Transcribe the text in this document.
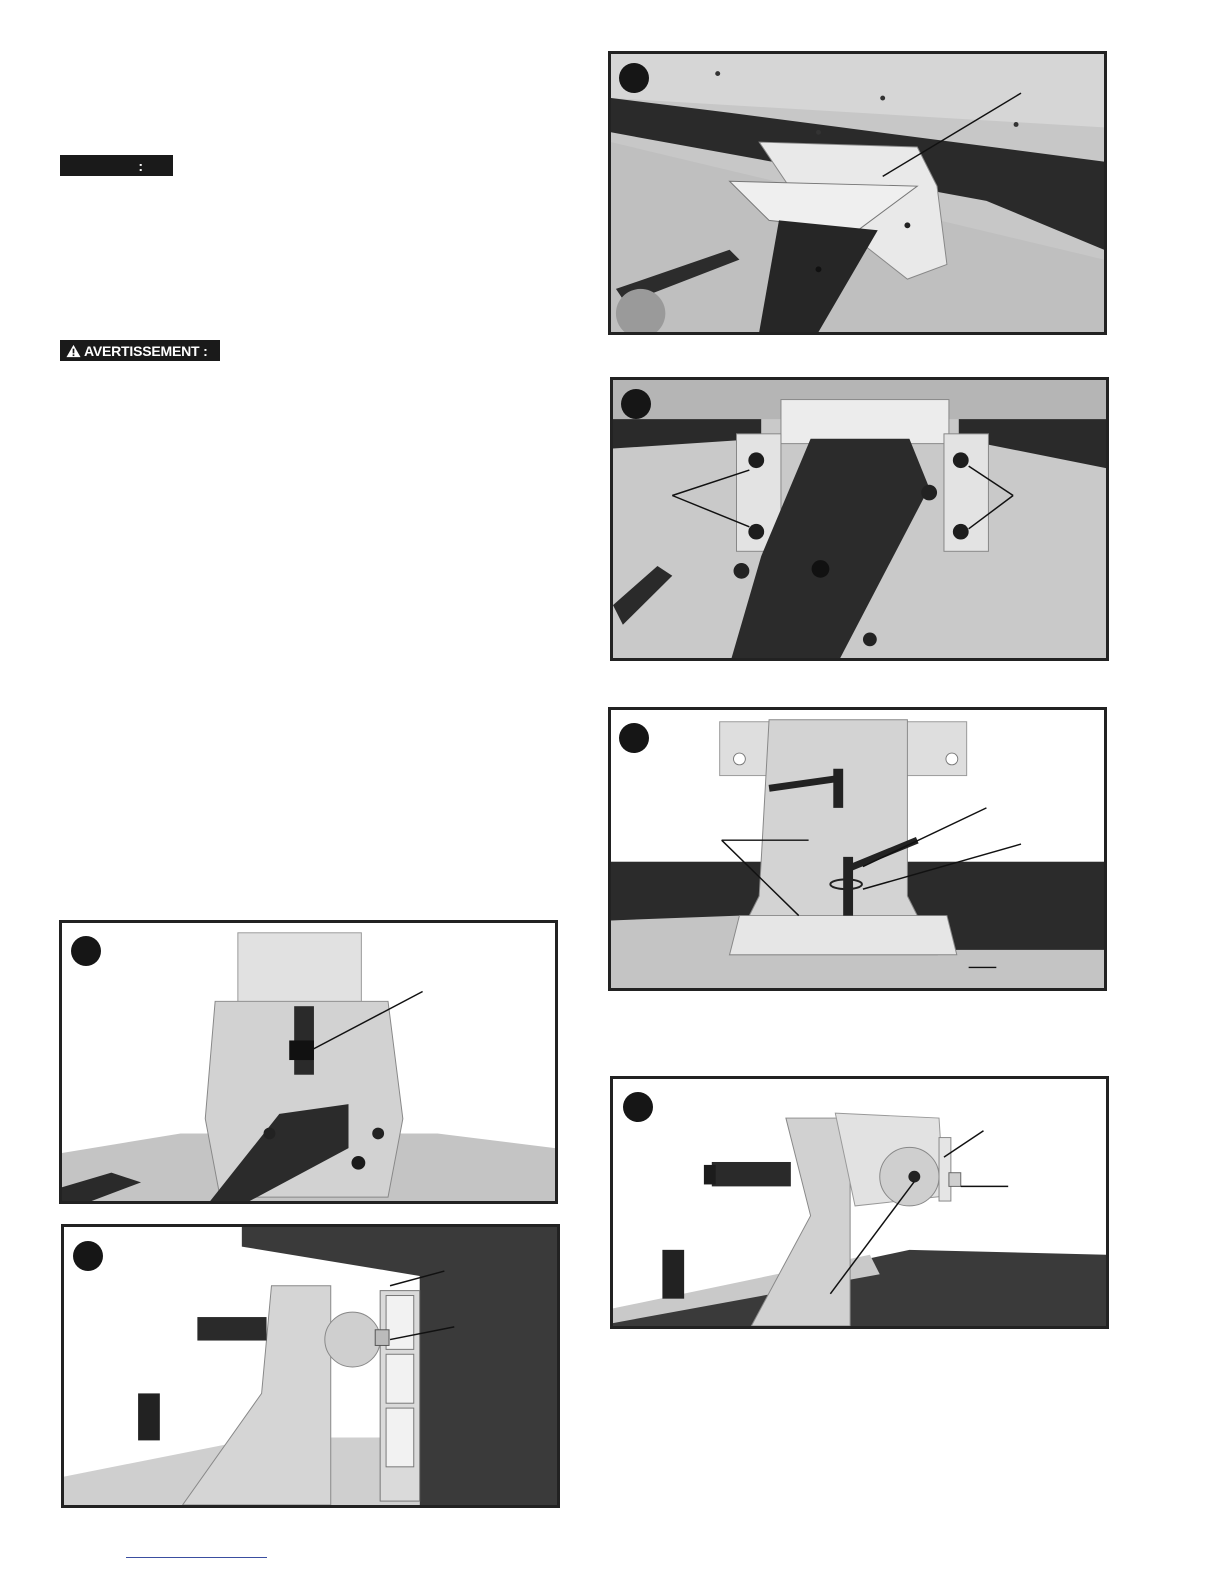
:
AVERTISSEMENT :
